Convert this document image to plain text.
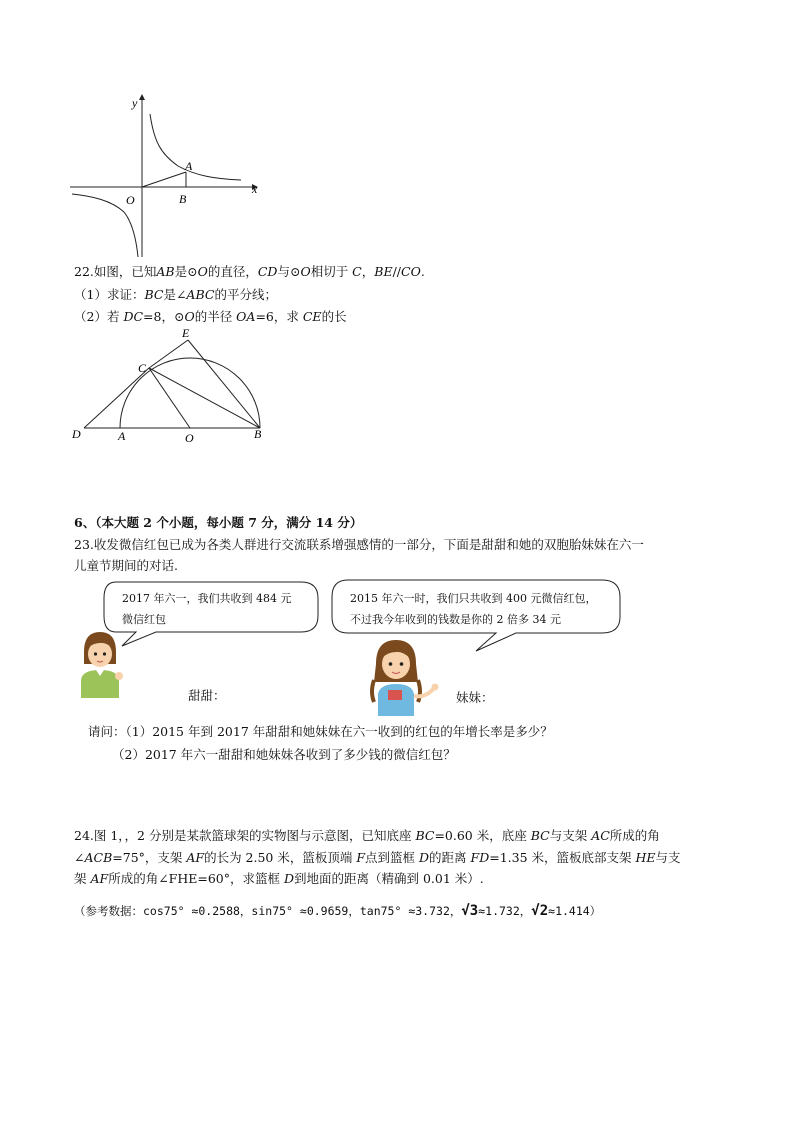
y
x
O
A
B
22.如图，已知AB是⊙O的直径，CD与⊙O相切于 C，BE//CO.
（1）求证：BC是∠ABC的平分线；
（2）若 DC=8，⊙O的半径 OA=6，求 CE的长
E
C
D	A	O	B
6、（本大题 2 个小题，每小题 7 分，满分 14 分）
23.收发微信红包已成为各类人群进行交流联系增强感情的一部分，下面是甜甜和她的双胞胎妹妹在六一
儿童节期间的对话.
2017 年六一，我们共收到 484 元
微信红包
2015 年六一时，我们只共收到 400 元微信红包，
不过我今年收到的钱数是你的 2 倍多 34 元
甜甜：	妹妹：
请问：（1）2015 年到 2017 年甜甜和她妹妹在六一收到的红包的年增长率是多少？
（2）2017 年六一甜甜和她妹妹各收到了多少钱的微信红包？
24.图 1，，2 分别是某款篮球架的实物图与示意图，已知底座 BC=0.60 米，底座 BC与支架 AC所成的角
∠ACB=75°，支架 AF的长为 2.50 米，篮板顶端 F点到篮框 D的距离 FD=1.35 米，篮板底部支架 HE与支
架 AF所成的角∠FHE=60°，求篮框 D到地面的距离（精确到 0.01 米）.
（参考数据：cos75° ≈0.2588，sin75° ≈0.9659，tan75° ≈3.732，√3≈1.732，√2≈1.414）
